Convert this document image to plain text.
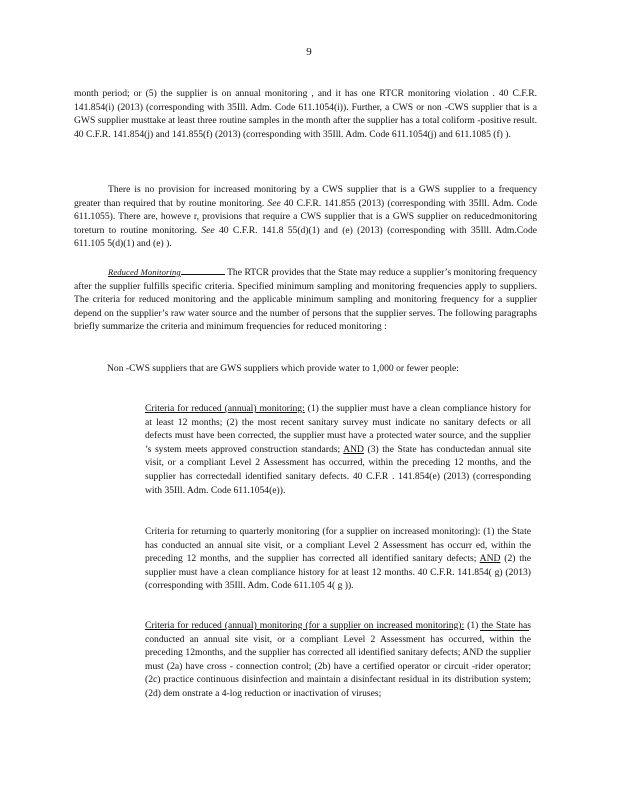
9

month period; or (5) the supplier is on annual monitoring , and it has one RTCR monitoring violation . 40 C.F.R. 141.854(i) (2013) (corresponding with 35Ill. Adm. Code 611.1054(i)). Further, a CWS or non -CWS supplier that is a GWS supplier musttake at least three routine samples in the month after the supplier has a total coliform -positive result. 40 C.F.R. 141.854(j) and 141.855(f) (2013) (corresponding with 35Ill. Adm. Code 611.1054(j) and 611.1085 (f) ).

There is no provision for increased monitoring by a CWS supplier that is a GWS supplier to a frequency greater than required that by routine monitoring. See 40 C.F.R. 141.855 (2013) (corresponding with 35Ill. Adm. Code 611.1055). There are, howeve r, provisions that require a CWS supplier that is a GWS supplier on reducedmonitoring toreturn to routine monitoring. See 40 C.F.R. 141.8 55(d)(1) and (e) (2013) (corresponding with 35Ill. Adm.Code 611.105 5(d)(1) and (e) ).

Reduced Monitoring	The RTCR provides that the State may reduce a supplier’s monitoring frequency after the supplier fulfills specific criteria. Specified minimum sampling and monitoring frequencies apply to suppliers. The criteria for reduced monitoring and the applicable minimum sampling and monitoring frequency for a supplier depend on the supplier’s raw water source and the number of persons that the supplier serves. The following paragraphs briefly summarize the criteria and minimum frequencies for reduced monitoring :

Non -CWS suppliers that are GWS suppliers which provide water to 1,000 or fewer people:

Criteria for reduced (annual) monitoring: (1) the supplier must have a clean compliance history for at least 12 months; (2) the most recent sanitary survey must indicate no sanitary defects or all defects must have been corrected, the supplier must have a protected water source, and the supplier ’s system meets approved construction standards; AND (3) the State has conductedan annual site visit, or a compliant Level 2 Assessment has occurred, within the preceding 12 months, and the supplier has correctedall identified sanitary defects. 40 C.F.R . 141.854(e) (2013) (corresponding with 35Ill. Adm. Code 611.1054(e)).

Criteria for returning to quarterly monitoring (for a supplier on increased monitoring): (1) the State has conducted an annual site visit, or a compliant Level 2 Assessment has occurr ed, within the preceding 12 months, and the supplier has corrected all identified sanitary defects; AND (2) the supplier must have a clean compliance history for at least 12 months. 40 C.F.R. 141.854( g) (2013) (corresponding with 35Ill. Adm. Code 611.105 4( g )).

Criteria for reduced (annual) monitoring (for a supplier on increased monitoring): (1) the State has conducted an annual site visit, or a compliant Level 2 Assessment has occurred, within the preceding 12months, and the supplier has corrected all identified sanitary defects; AND the supplier must (2a) have cross - connection control; (2b) have a certified operator or circuit -rider operator; (2c) practice continuous disinfection and maintain a disinfectant residual in its distribution system; (2d) dem onstrate a 4-log reduction or inactivation of viruses;
